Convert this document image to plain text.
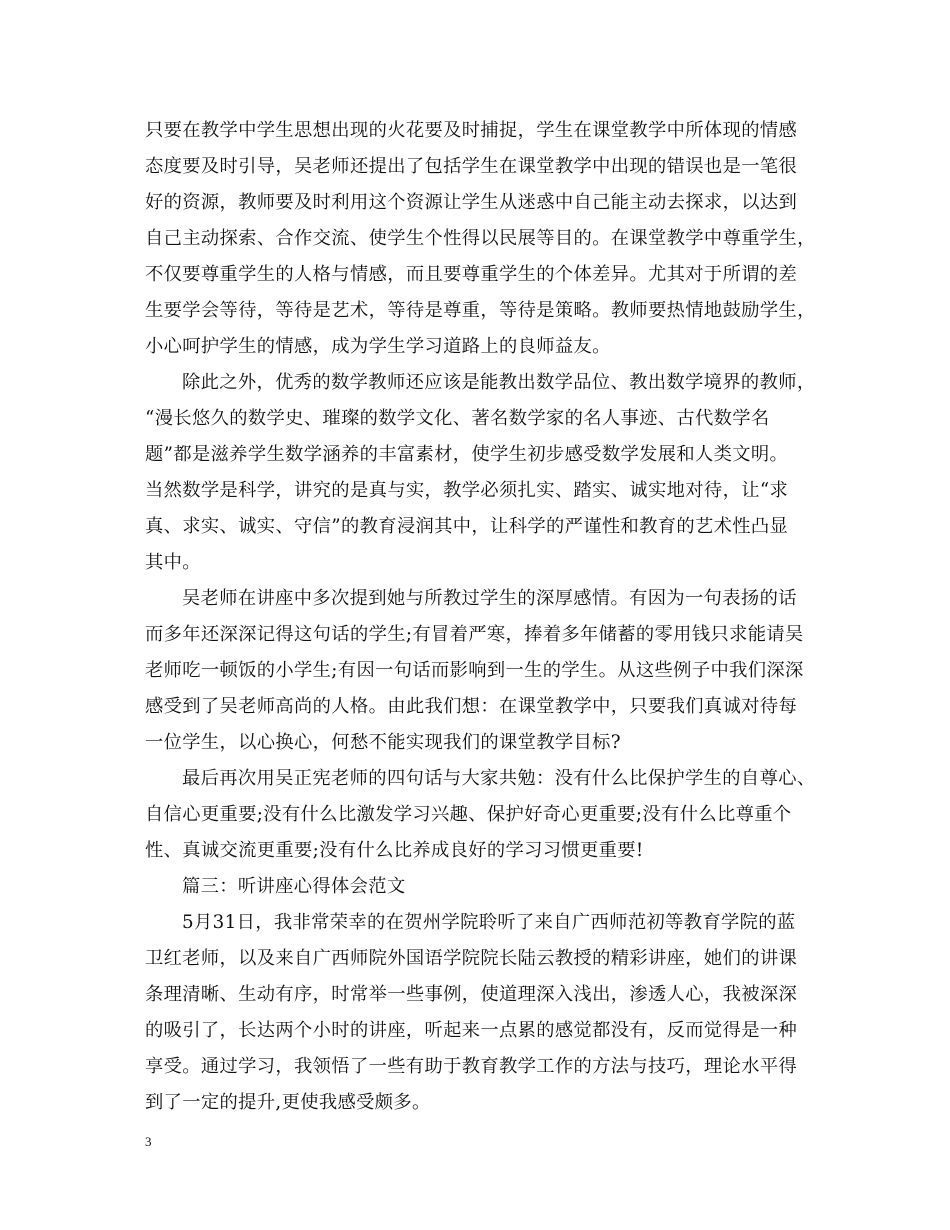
只要在教学中学生思想出现的火花要及时捕捉，学生在课堂教学中所体现的情感
态度要及时引导，吴老师还提出了包括学生在课堂教学中出现的错误也是一笔很
好的资源，教师要及时利用这个资源让学生从迷惑中自己能主动去探求，以达到
自己主动探索、合作交流、使学生个性得以民展等目的。在课堂教学中尊重学生，
不仅要尊重学生的人格与情感，而且要尊重学生的个体差异。尤其对于所谓的差
生要学会等待，等待是艺术，等待是尊重，等待是策略。教师要热情地鼓励学生，
小心呵护学生的情感，成为学生学习道路上的良师益友。
除此之外，优秀的数学教师还应该是能教出数学品位、教出数学境界的教师，
“漫长悠久的数学史、璀璨的数学文化、著名数学家的名人事迹、古代数学名
题”都是滋养学生数学涵养的丰富素材，使学生初步感受数学发展和人类文明。
当然数学是科学，讲究的是真与实，教学必须扎实、踏实、诚实地对待，让“求
真、求实、诚实、守信”的教育浸润其中，让科学的严谨性和教育的艺术性凸显
其中。
吴老师在讲座中多次提到她与所教过学生的深厚感情。有因为一句表扬的话
而多年还深深记得这句话的学生;有冒着严寒，捧着多年储蓄的零用钱只求能请吴
老师吃一顿饭的小学生;有因一句话而影响到一生的学生。从这些例子中我们深深
感受到了吴老师高尚的人格。由此我们想：在课堂教学中，只要我们真诚对待每
一位学生，以心换心，何愁不能实现我们的课堂教学目标?
最后再次用吴正宪老师的四句话与大家共勉：没有什么比保护学生的自尊心、
自信心更重要;没有什么比激发学习兴趣、保护好奇心更重要;没有什么比尊重个
性、真诚交流更重要;没有什么比养成良好的学习习惯更重要!
篇三：听讲座心得体会范文
5月31日，我非常荣幸的在贺州学院聆听了来自广西师范初等教育学院的蓝
卫红老师，以及来自广西师院外国语学院院长陆云教授的精彩讲座，她们的讲课
条理清晰、生动有序，时常举一些事例，使道理深入浅出，渗透人心，我被深深
的吸引了，长达两个小时的讲座，听起来一点累的感觉都没有，反而觉得是一种
享受。通过学习，我领悟了一些有助于教育教学工作的方法与技巧，理论水平得
到了一定的提升,更使我感受颇多。
3
